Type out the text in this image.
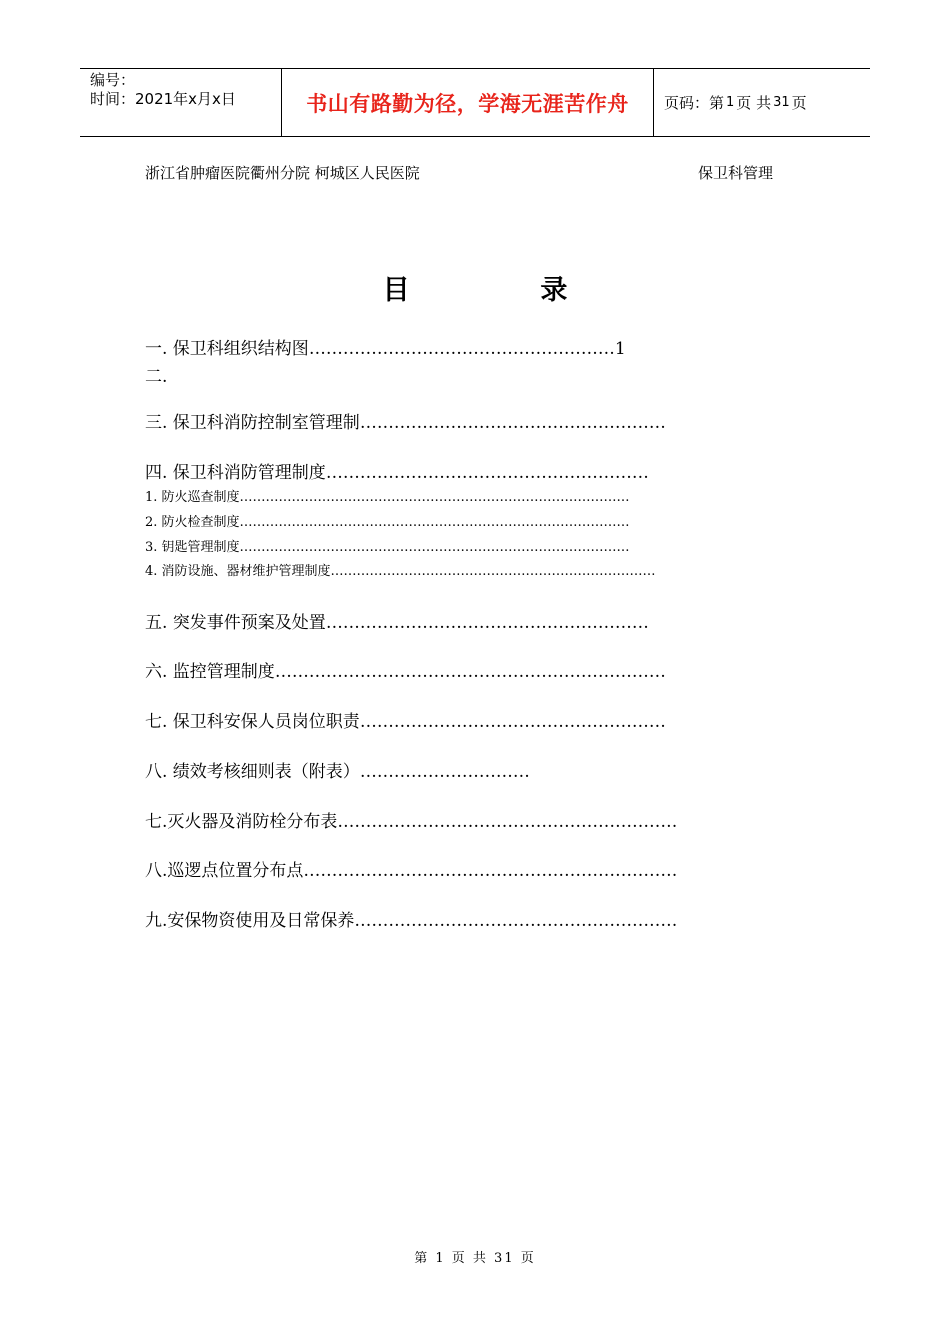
编号：
时间：2021年x月x日	书山有路勤为径，学海无涯苦作舟 页码：第 1 页 共 31 页
浙江省肿瘤医院衢州分院 柯城区人民医院	保卫科管理
目	录
一. 保卫科组织结构图………………………………………………1
二.
三. 保卫科消防控制室管理制………………………………………………
四. 保卫科消防管理制度…………………………………………………
1. 防火巡查制度………………………………………………………………………………
2. 防火检查制度………………………………………………………………………………
3. 钥匙管理制度………………………………………………………………………………
4. 消防设施、器材维护管理制度…………………………………………………………………
五. 突发事件预案及处置…………………………………………………
六. 监控管理制度……………………………………………………………
七. 保卫科安保人员岗位职责………………………………………………
八. 绩效考核细则表（附表）…………………………
七.灭火器及消防栓分布表……………………………………………………
八.巡逻点位置分布点…………………………………………………………
九.安保物资使用及日常保养…………………………………………………
第 1 页 共 31 页
